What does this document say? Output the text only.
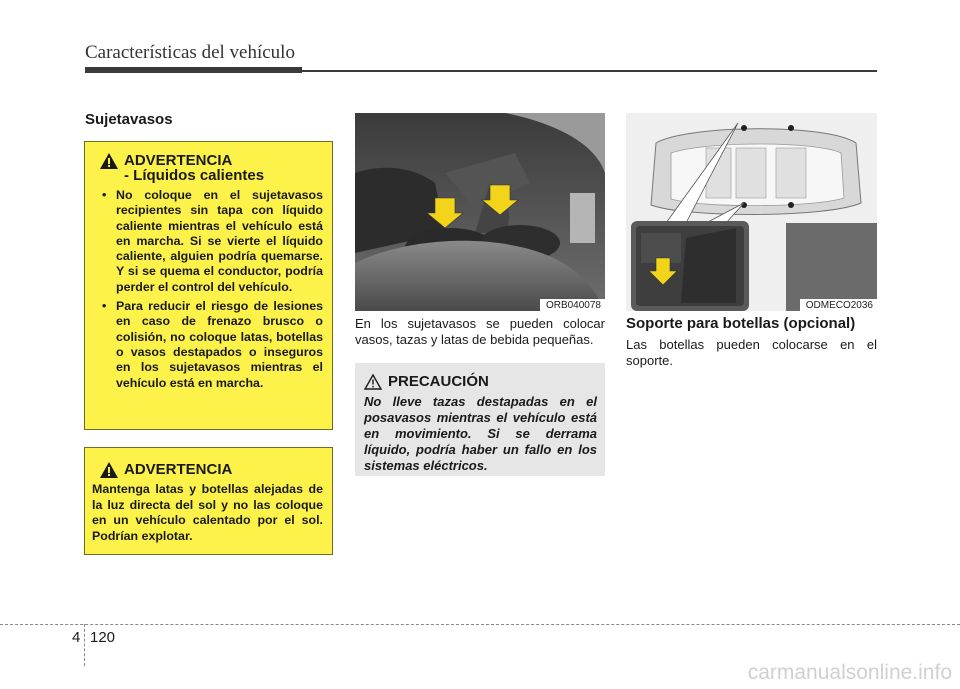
Características del vehículo
Sujetavasos
ADVERTENCIA
- Líquidos calientes
• No coloque en el sujetavasos recipientes sin tapa con líquido caliente mientras el vehículo está en marcha. Si se vierte el líquido caliente, alguien podría quemarse. Y si se quema el conductor, podría perder el control del vehículo.
• Para reducir el riesgo de lesiones en caso de frenazo brusco o colisión, no coloque latas, botellas o vasos destapados o inseguros en los sujetavasos mientras el vehículo está en marcha.
ADVERTENCIA
Mantenga latas y botellas alejadas de la luz directa del sol y no las coloque en un vehículo calentado por el sol. Podrían explotar.
ORB040078
En los sujetavasos se pueden colocar vasos, tazas y latas de bebida pequeñas.
PRECAUCIÓN
No lleve tazas destapadas en el posavasos mientras el vehículo está en movimiento. Si se derrama líquido, podría haber un fallo en los sistemas eléctricos.
ODMECO2036
Soporte para botellas (opcional)
Las botellas pueden colocarse en el soporte.
4 120
carmanualsonline.info
